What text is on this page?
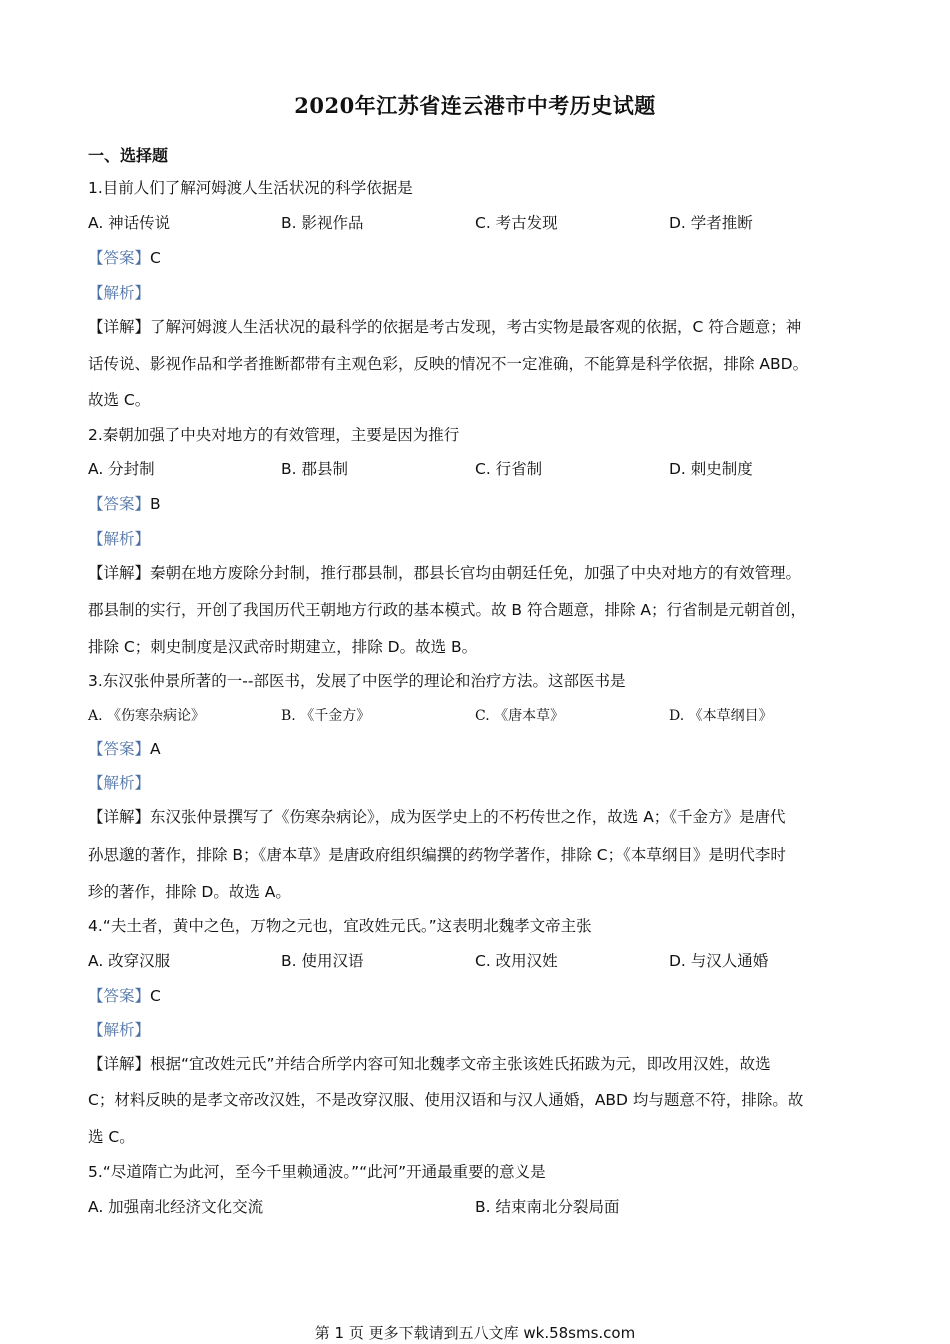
2020年江苏省连云港市中考历史试题
一、选择题
1.目前人们了解河姆渡人生活状况的科学依据是
A. 神话传说	B. 影视作品	C. 考古发现	D. 学者推断
【答案】C
【解析】
【详解】了解河姆渡人生活状况的最科学的依据是考古发现，考古实物是最客观的依据，C 符合题意；神
话传说、影视作品和学者推断都带有主观色彩，反映的情况不一定准确，不能算是科学依据，排除 ABD。
故选 C。
2.秦朝加强了中央对地方的有效管理，主要是因为推行
A. 分封制	B. 郡县制	C. 行省制	D. 刺史制度
【答案】B
【解析】
【详解】秦朝在地方废除分封制，推行郡县制，郡县长官均由朝廷任免，加强了中央对地方的有效管理。
郡县制的实行，开创了我国历代王朝地方行政的基本模式。故 B 符合题意，排除 A；行省制是元朝首创，
排除 C；刺史制度是汉武帝时期建立，排除 D。故选 B。
3.东汉张仲景所著的一--部医书，发展了中医学的理论和治疗方法。这部医书是
A. 《伤寒杂病论》	B. 《千金方》	C. 《唐本草》	D. 《本草纲目》
【答案】A
【解析】
【详解】东汉张仲景撰写了《伤寒杂病论》，成为医学史上的不朽传世之作，故选 A；《千金方》是唐代
孙思邈的著作，排除 B；《唐本草》是唐政府组织编撰的药物学著作，排除 C；《本草纲目》是明代李时
珍的著作，排除 D。故选 A。
4.“夫土者，黄中之色，万物之元也，宜改姓元氏。”这表明北魏孝文帝主张
A. 改穿汉服	B. 使用汉语	C. 改用汉姓	D. 与汉人通婚
【答案】C
【解析】
【详解】根据“宜改姓元氏”并结合所学内容可知北魏孝文帝主张该姓氏拓跋为元，即改用汉姓，故选
C；材料反映的是孝文帝改汉姓，不是改穿汉服、使用汉语和与汉人通婚，ABD 均与题意不符，排除。故
选 C。
5.“尽道隋亡为此河，至今千里赖通波。”“此河”开通最重要的意义是
A. 加强南北经济文化交流	B. 结束南北分裂局面
第 1 页 更多下载请到五八文库 wk.58sms.com
